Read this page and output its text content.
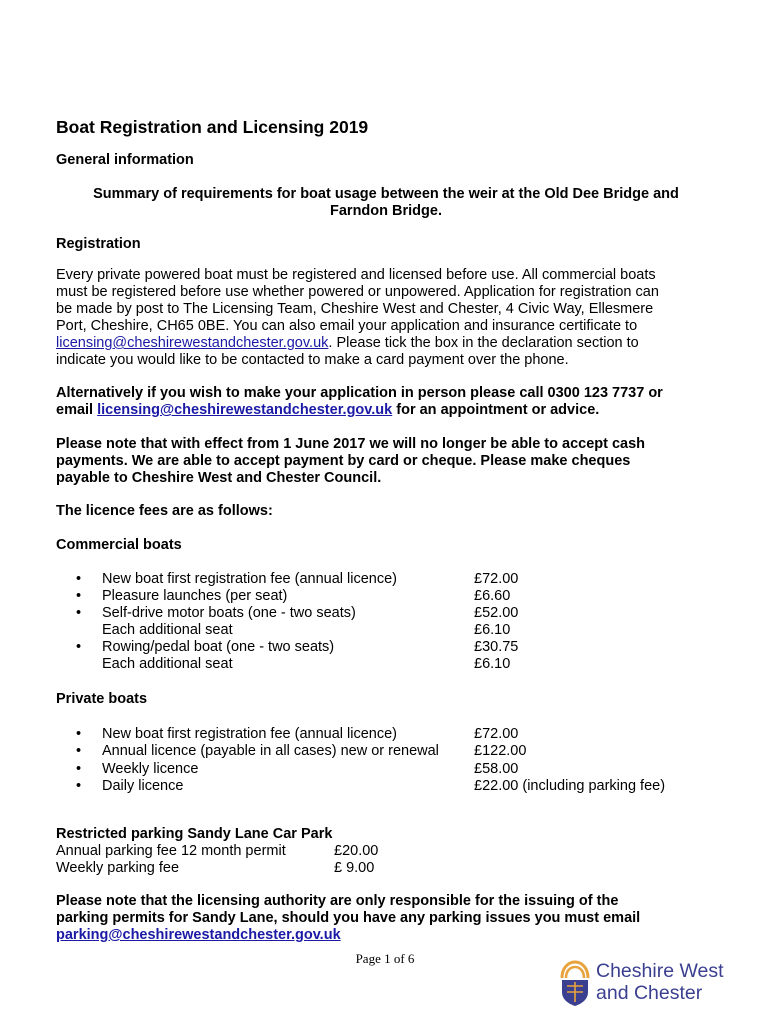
Boat Registration and Licensing 2019
General information
Summary of requirements for boat usage between the weir at the Old Dee Bridge and
Farndon Bridge.
Registration
Every private powered boat must be registered and licensed before use. All commercial boats
must be registered before use whether powered or unpowered. Application for registration can
be made by post to The Licensing Team, Cheshire West and Chester, 4 Civic Way, Ellesmere
Port, Cheshire, CH65 0BE. You can also email your application and insurance certificate to
licensing@cheshirewestandchester.gov.uk. Please tick the box in the declaration section to
indicate you would like to be contacted to make a card payment over the phone.
Alternatively if you wish to make your application in person please call 0300 123 7737 or
email licensing@cheshirewestandchester.gov.uk for an appointment or advice.
Please note that with effect from 1 June 2017 we will no longer be able to accept cash
payments. We are able to accept payment by card or cheque. Please make cheques
payable to Cheshire West and Chester Council.
The licence fees are as follows:
Commercial boats
• New boat first registration fee (annual licence)	£72.00
• Pleasure launches (per seat)	£6.60
• Self-drive motor boats (one - two seats)	£52.00
Each additional seat	£6.10
• Rowing/pedal boat (one - two seats)	£30.75
Each additional seat	£6.10
Private boats
• New boat first registration fee (annual licence)	£72.00
• Annual licence (payable in all cases) new or renewal £122.00
• Weekly licence	£58.00
• Daily licence	£22.00 (including parking fee)
Restricted parking Sandy Lane Car Park
Annual parking fee 12 month permit	£20.00
Weekly parking fee	£ 9.00
Please note that the licensing authority are only responsible for the issuing of the
parking permits for Sandy Lane, should you have any parking issues you must email
parking@cheshirewestandchester.gov.uk
Page 1 of 6
Cheshire West
and Chester
